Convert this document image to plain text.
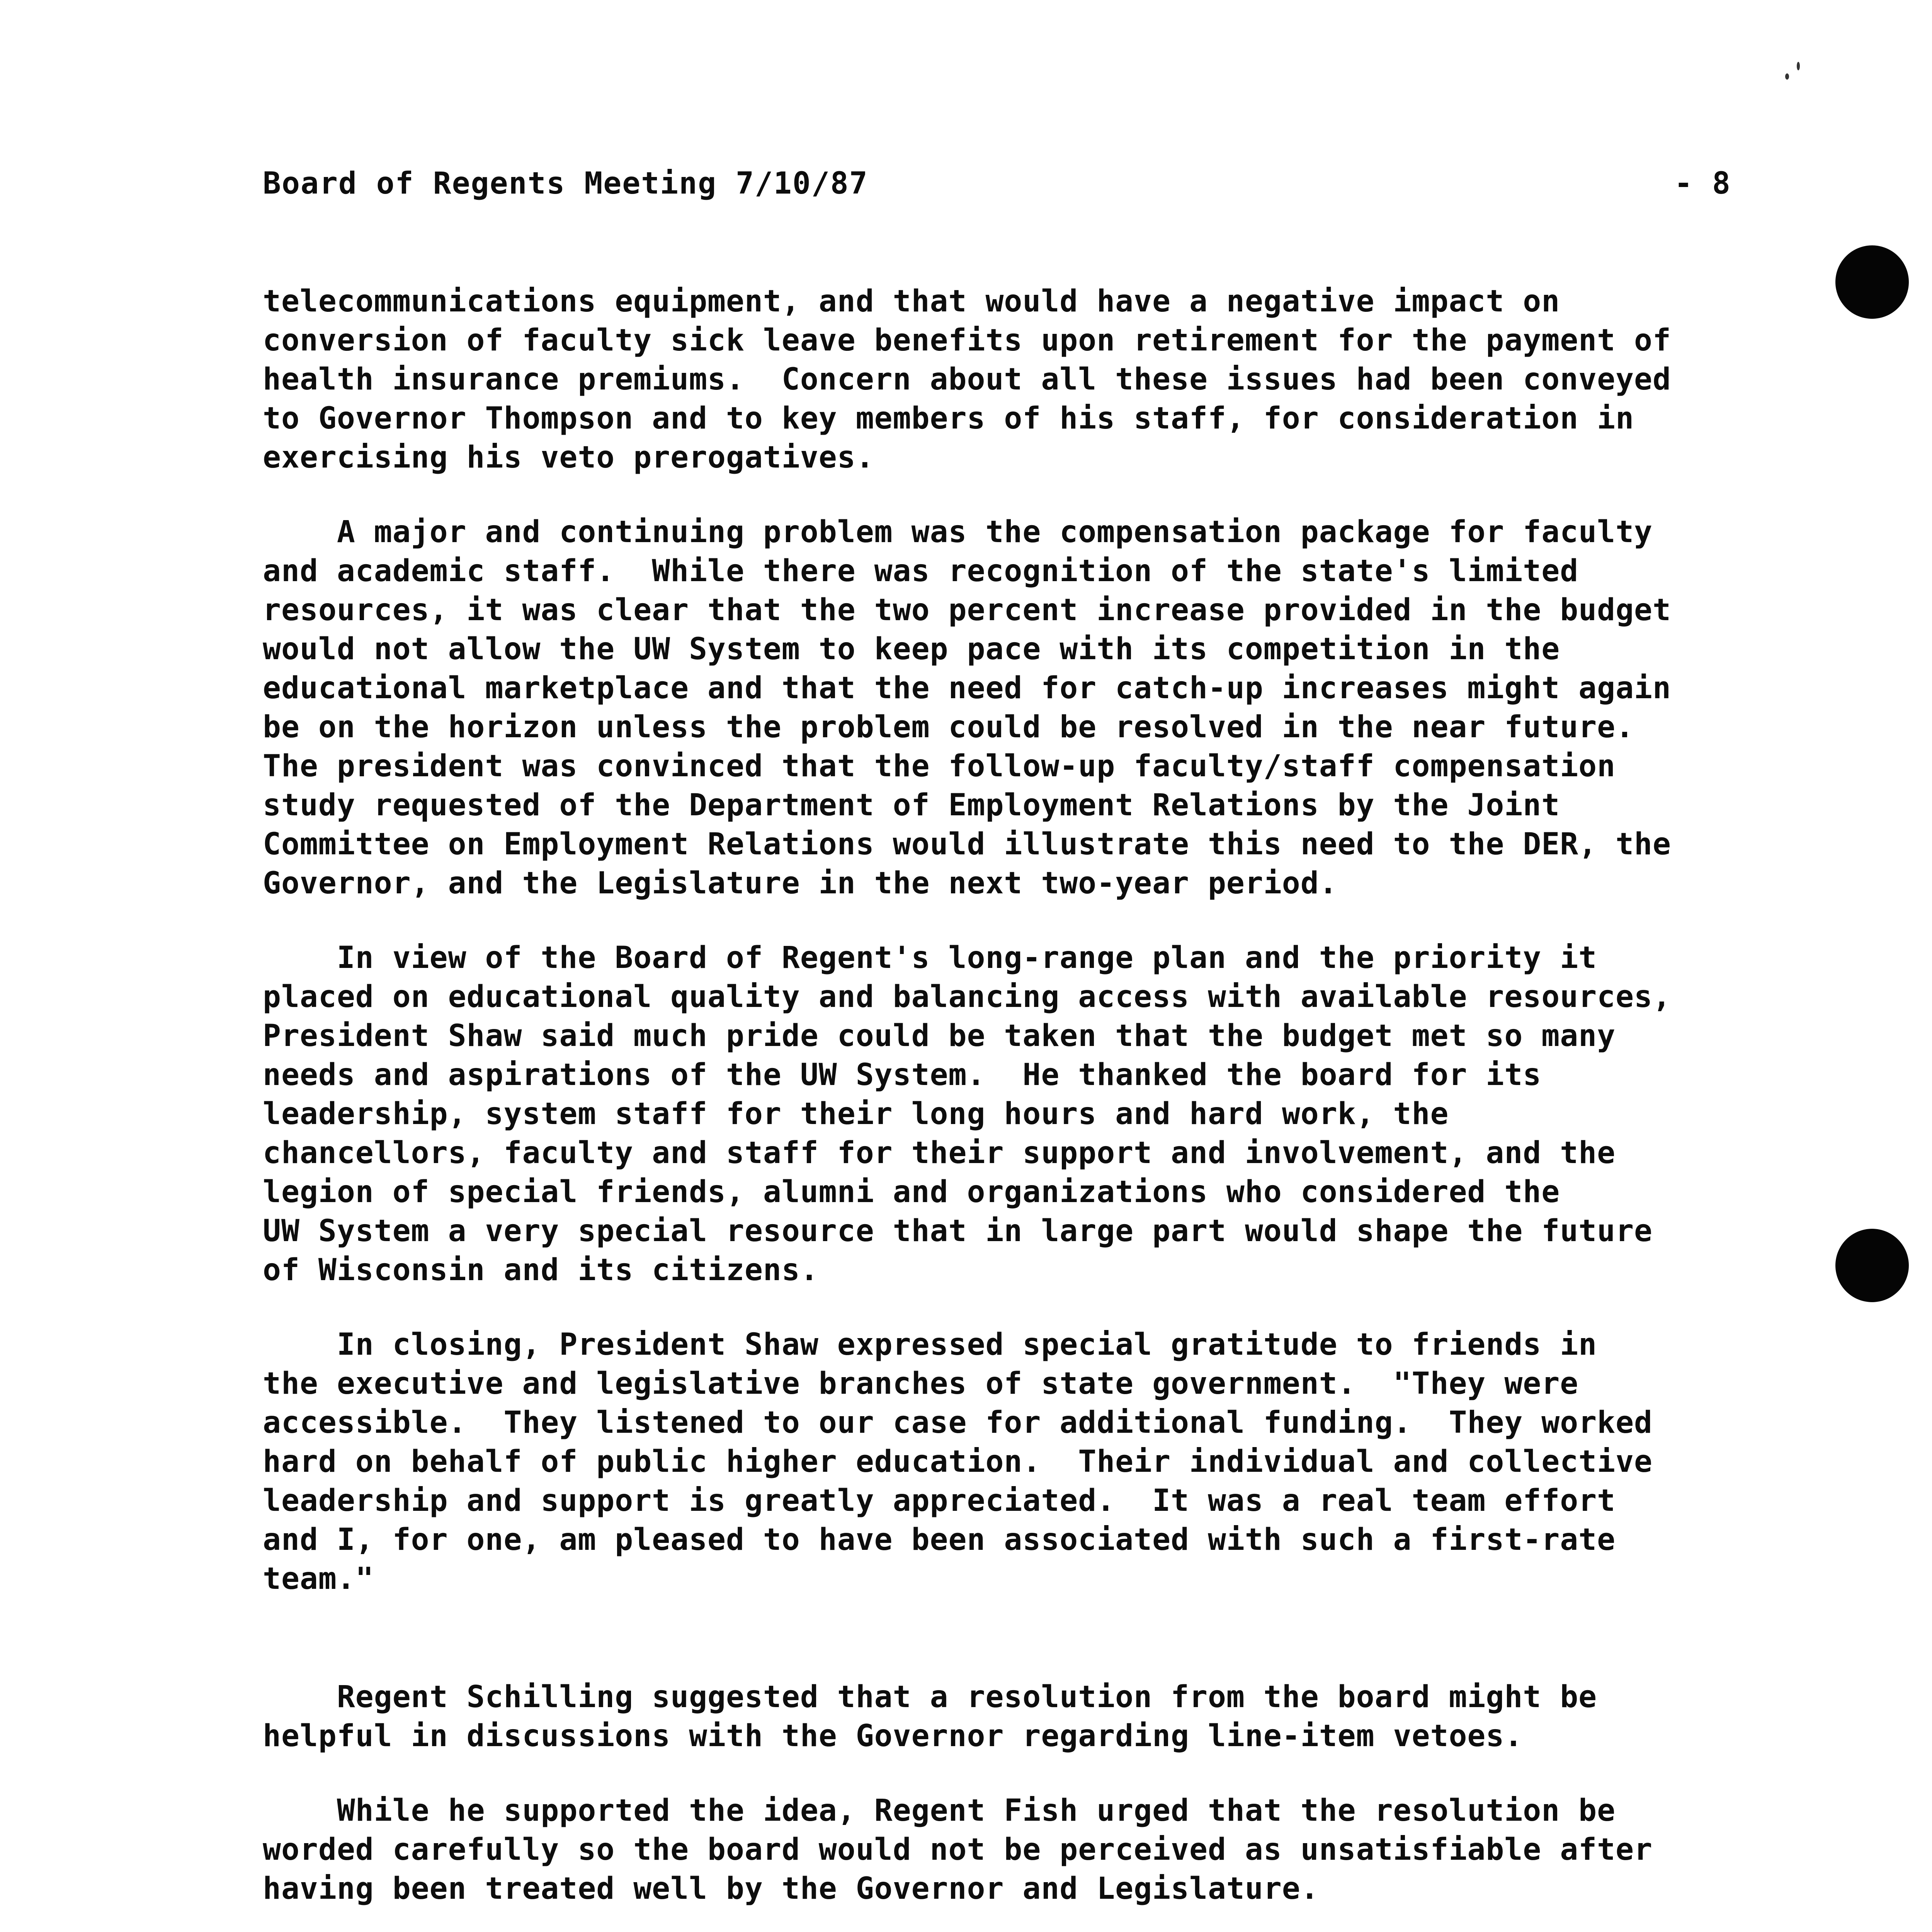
Board of Regents Meeting 7/10/87	- 8

telecommunications equipment, and that would have a negative impact on
conversion of faculty sick leave benefits upon retirement for the payment of
health insurance premiums.  Concern about all these issues had been conveyed
to Governor Thompson and to key members of his staff, for consideration in
exercising his veto prerogatives.

A major and continuing problem was the compensation package for faculty
and academic staff.  While there was recognition of the state's limited
resources, it was clear that the two percent increase provided in the budget
would not allow the UW System to keep pace with its competition in the
educational marketplace and that the need for catch-up increases might again
be on the horizon unless the problem could be resolved in the near future.
The president was convinced that the follow-up faculty/staff compensation
study requested of the Department of Employment Relations by the Joint
Committee on Employment Relations would illustrate this need to the DER, the
Governor, and the Legislature in the next two-year period.

In view of the Board of Regent's long-range plan and the priority it
placed on educational quality and balancing access with available resources,
President Shaw said much pride could be taken that the budget met so many
needs and aspirations of the UW System.  He thanked the board for its
leadership, system staff for their long hours and hard work, the
chancellors, faculty and staff for their support and involvement, and the
legion of special friends, alumni and organizations who considered the
UW System a very special resource that in large part would shape the future
of Wisconsin and its citizens.

In closing, President Shaw expressed special gratitude to friends in
the executive and legislative branches of state government.  "They were
accessible.  They listened to our case for additional funding.  They worked
hard on behalf of public higher education.  Their individual and collective
leadership and support is greatly appreciated.  It was a real team effort
and I, for one, am pleased to have been associated with such a first-rate
team."

Regent Schilling suggested that a resolution from the board might be
helpful in discussions with the Governor regarding line-item vetoes.

While he supported the idea, Regent Fish urged that the resolution be
worded carefully so the board would not be perceived as unsatisfiable after
having been treated well by the Governor and Legislature.
